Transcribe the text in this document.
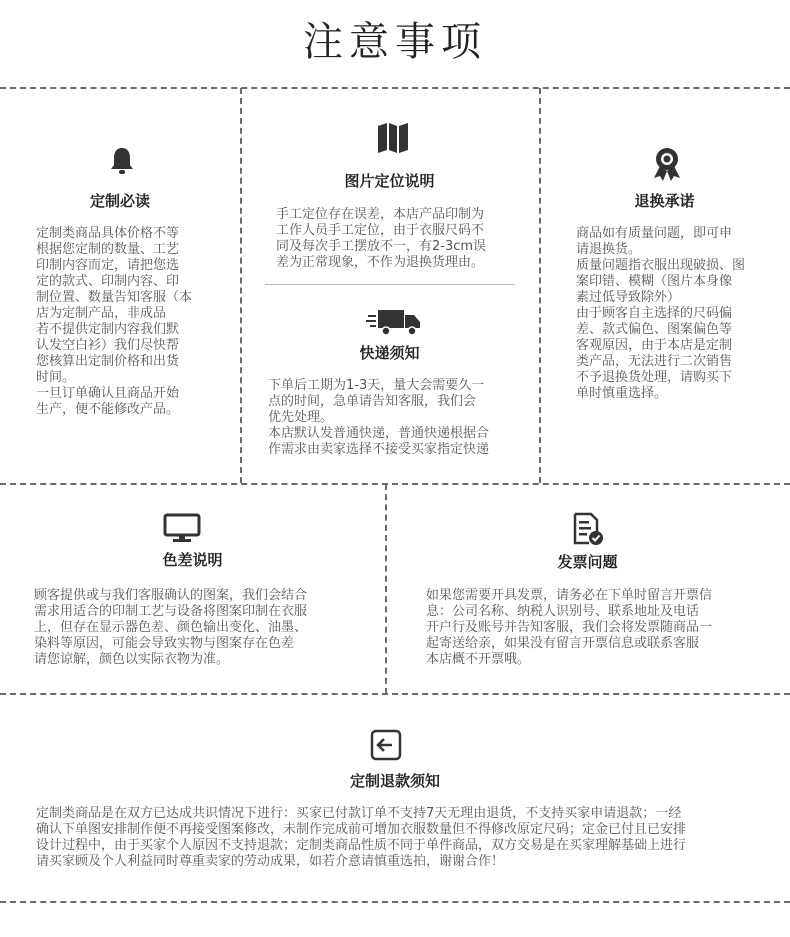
注意事项
定制必读
定制类商品具体价格不等
根据您定制的数量、工艺
印制内容而定，请把您选
定的款式、印制内容、印
制位置、数量告知客服（本
店为定制产品，非成品
若不提供定制内容我们默
认发空白衫）我们尽快帮
您核算出定制价格和出货
时间。
一旦订单确认且商品开始
生产，便不能修改产品。
图片定位说明
手工定位存在误差，本店产品印制为
工作人员手工定位，由于衣服尺码不
同及每次手工摆放不一，有2-3cm误
差为正常现象，不作为退换货理由。
快递须知
下单后工期为1-3天，量大会需要久一
点的时间，急单请告知客服，我们会
优先处理。
本店默认发普通快递，普通快递根据合
作需求由卖家选择不接受买家指定快递
退换承诺
商品如有质量问题，即可申
请退换货。
质量问题指衣服出现破损、图
案印错、模糊（图片本身像
素过低导致除外）
由于顾客自主选择的尺码偏
差、款式偏色、图案偏色等
客观原因，由于本店是定制
类产品，无法进行二次销售
不予退换货处理，请购买下
单时慎重选择。
色差说明
顾客提供或与我们客服确认的图案，我们会结合
需求用适合的印制工艺与设备将图案印制在衣服
上，但存在显示器色差、颜色输出变化、油墨、
染料等原因，可能会导致实物与图案存在色差
请您谅解，颜色以实际衣物为准。
发票问题
如果您需要开具发票，请务必在下单时留言开票信
息：公司名称、纳税人识别号、联系地址及电话
开户行及账号并告知客服，我们会将发票随商品一
起寄送给亲，如果没有留言开票信息或联系客服
本店概不开票哦。
定制退款须知
定制类商品是在双方已达成共识情况下进行：买家已付款订单不支持7天无理由退货，不支持买家申请退款；一经
确认下单图安排制作便不再接受图案修改，未制作完成前可增加衣服数量但不得修改原定尺码；定金已付且已安排
设计过程中，由于买家个人原因不支持退款；定制类商品性质不同于单件商品，双方交易是在买家理解基础上进行
请买家顾及个人利益同时尊重卖家的劳动成果，如若介意请慎重选拍，谢谢合作！
